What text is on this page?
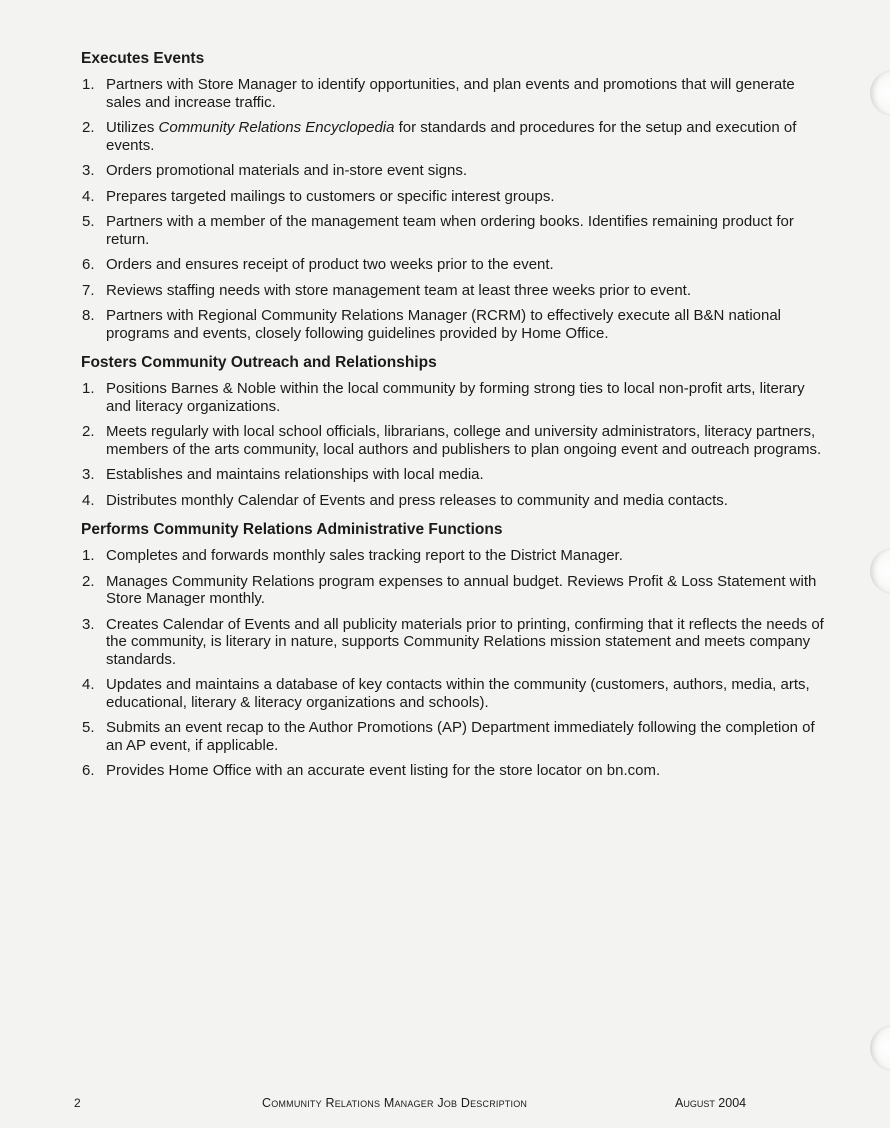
Executes Events
1. Partners with Store Manager to identify opportunities, and plan events and promotions that will generate sales and increase traffic.
2. Utilizes Community Relations Encyclopedia for standards and procedures for the setup and execution of events.
3. Orders promotional materials and in-store event signs.
4. Prepares targeted mailings to customers or specific interest groups.
5. Partners with a member of the management team when ordering books. Identifies remaining product for return.
6. Orders and ensures receipt of product two weeks prior to the event.
7. Reviews staffing needs with store management team at least three weeks prior to event.
8. Partners with Regional Community Relations Manager (RCRM) to effectively execute all B&N national programs and events, closely following guidelines provided by Home Office.
Fosters Community Outreach and Relationships
1. Positions Barnes & Noble within the local community by forming strong ties to local non-profit arts, literary and literacy organizations.
2. Meets regularly with local school officials, librarians, college and university administrators, literacy partners, members of the arts community, local authors and publishers to plan ongoing event and outreach programs.
3. Establishes and maintains relationships with local media.
4. Distributes monthly Calendar of Events and press releases to community and media contacts.
Performs Community Relations Administrative Functions
1. Completes and forwards monthly sales tracking report to the District Manager.
2. Manages Community Relations program expenses to annual budget. Reviews Profit & Loss Statement with Store Manager monthly.
3. Creates Calendar of Events and all publicity materials prior to printing, confirming that it reflects the needs of the community, is literary in nature, supports Community Relations mission statement and meets company standards.
4. Updates and maintains a database of key contacts within the community (customers, authors, media, arts, educational, literary & literacy organizations and schools).
5. Submits an event recap to the Author Promotions (AP) Department immediately following the completion of an AP event, if applicable.
6. Provides Home Office with an accurate event listing for the store locator on bn.com.
2	Community Relations Manager Job Description	August 2004
